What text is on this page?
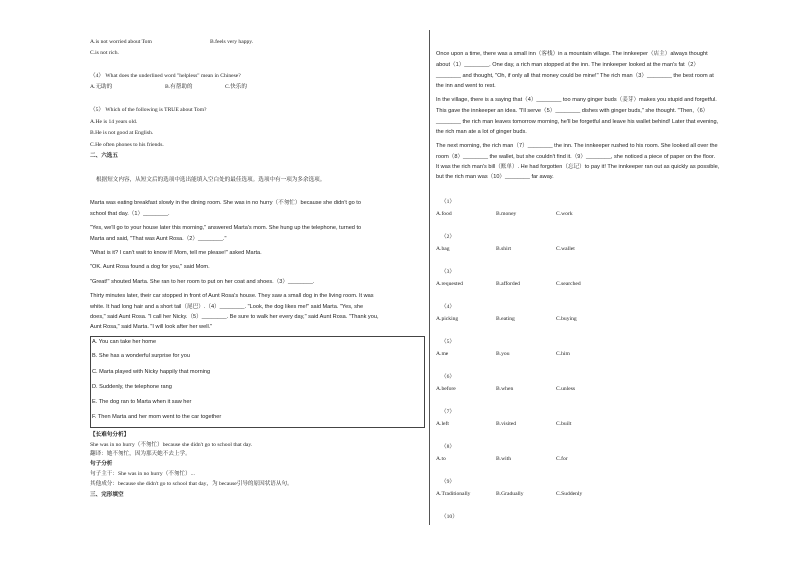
A.is not worried about Tom	B.feels very happy.
C.is not rich.
（4） What does the underlined word "helpless" mean in Chinese?
A.无助的	B.有帮助的	C.快乐的
（5） Which of the following is TRUE about Tom?
A.He is 14 years old.
B.He is not good at English.
C.He often phones to his friends.
二、六选五
根据短文内容，从短文后的选项中选出能填入空白处的最佳选项。选项中有一项为多余选项。
Marta was eating breakfast slowly in the dining room. She was in no hurry（不匆忙）because she didn't go to
school that day.（1）________.
"Yes, we'll go to your house later this morning," answered Marta's mom. She hung up the telephone, turned to
Marta and said, "That was Aunt Rosa.（2）________."
"What is it? I can't wait to know it! Mom, tell me please!" asked Marta.
"OK. Aunt Rosa found a dog for you," said Mom.
"Great!" shouted Marta. She ran to her room to put on her coat and shoes.（3）________.
Thirty minutes later, their car stopped in front of Aunt Rosa's house. They saw a small dog in the living room. It was
white. It had long hair and a short tail（尾巴）.（4）________. "Look, the dog likes me!" said Marta. "Yes, she
does," said Aunt Rosa. "I call her Nicky.（5）________. Be sure to walk her every day," said Aunt Rosa. "Thank you,
Aunt Rosa," said Marta. "I will look after her well."
A. You can take her home
B. She has a wonderful surprise for you
C. Marta played with Nicky happily that morning
D. Suddenly, the telephone rang
E. The dog ran to Marta when it saw her
F. Then Marta and her mom went to the car together
【长难句分析】
She was in no hurry（不匆忙）because she didn't go to school that day.
翻译：她不匆忙，因为那天她不去上学。
句子分析
句子主干：She was in no hurry（不匆忙）...
其他成分：because she didn't go to school that day，为 because引导的原因状语从句。
三、完形填空
Once upon a time, there was a small inn（客栈）in a mountain village. The innkeeper（店主）always thought
about（1）________. One day, a rich man stopped at the inn. The innkeeper looked at the man's fat（2）
________ and thought, "Oh, if only all that money could be mine!" The rich man（3）________ the best room at
the inn and went to rest.
In the village, there is a saying that（4）________ too many ginger buds（姜芽）makes you stupid and forgetful.
This gave the innkeeper an idea. "I'll serve（5）________ dishes with ginger buds," she thought. "Then,（6）
________ the rich man leaves tomorrow morning, he'll be forgetful and leave his wallet behind! Later that evening,
the rich man ate a lot of ginger buds.
The next morning, the rich man（7）________ the inn. The innkeeper rushed to his room. She looked all over the
room（8）________ the wallet, but she couldn't find it.（9）________, she noticed a piece of paper on the floor.
It was the rich man's bill（账单）. He had forgotten（忘记）to pay it! The innkeeper ran out as quickly as possible,
but the rich man was（10）________ far away.
（1）
A.food	B.money	C.work
（2）
A.bag	B.shirt	C.wallet
（3）
A.requested	B.afforded	C.searched
（4）
A.picking	B.eating	C.buying
（5）
A.me	B.you	C.him
（6）
A.before	B.when	C.unless
（7）
A.left	B.visited	C.built
（8）
A.to	B.with	C.for
（9）
A.Traditionally	B.Gradually	C.Suddenly
（10）
